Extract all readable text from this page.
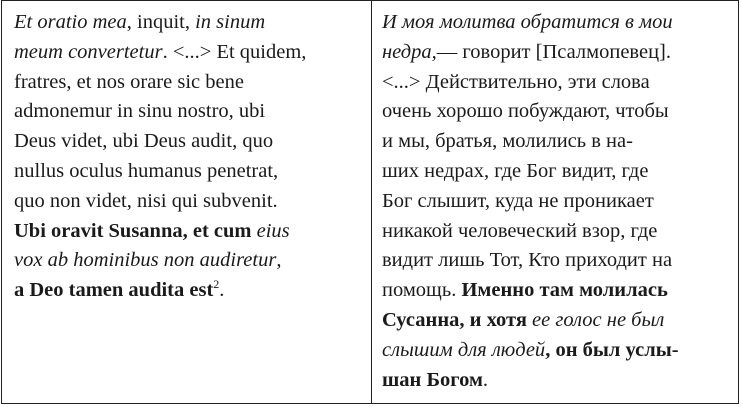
Et oratio mea, inquit, in sinum
meum convertetur. <...> Et quidem,
fratres, et nos orare sic bene
admonemur in sinu nostro, ubi
Deus videt, ubi Deus audit, quo
nullus oculus humanus penetrat,
quo non videt, nisi qui subvenit.
Ubi oravit Susanna, et cum eius
vox ab hominibus non audiretur,
a Deo tamen audita est$^2$.
И моя молитва обратится в мои
недра,— говорит [Псалмопевец].
<...> Действительно, эти слова
очень хорошо побуждают, чтобы
и мы, братья, молились в на-
ших недрах, где Бог видит, где
Бог слышит, куда не проникает
никакой человеческий взор, где
видит лишь Тот, Кто приходит на
помощь. Именно там молилась
Сусанна, и хотя ее голос не был
слышим для людей, он был услы-
шан Богом.
